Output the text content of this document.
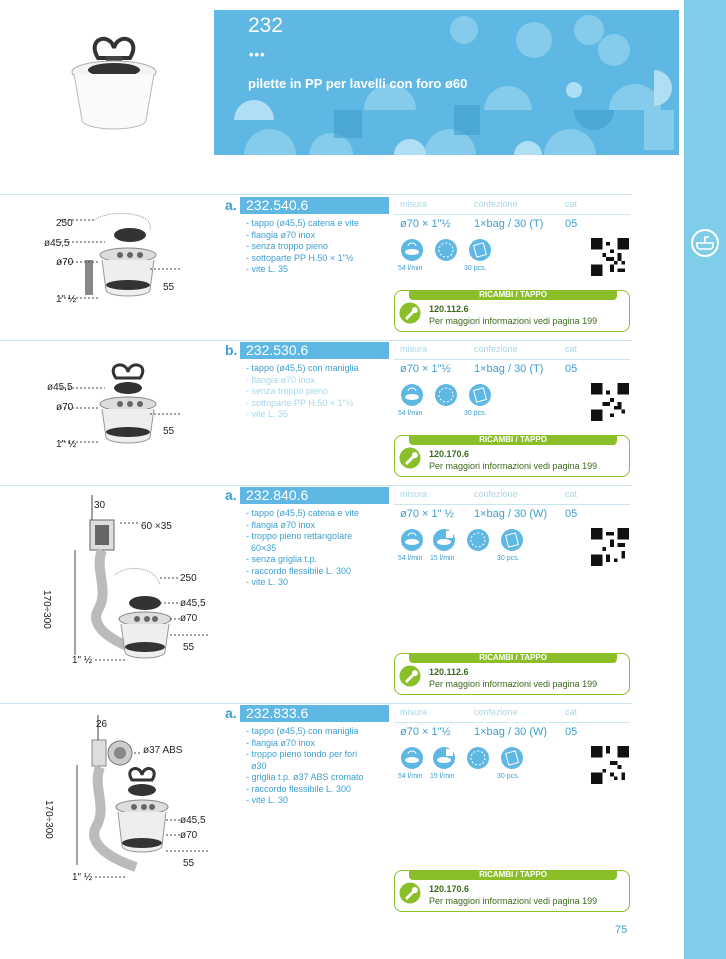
232
•••
pilette in PP per lavelli con foro ø60
a. 232.540.6	misura	confezione	cat
- tappo (ø45,5) catena e vite
- flangia ø70 inox
- senza troppo pieno
- sottoparte PP H.50 × 1"½
- vite L. 35
ø70 × 1"½ 1×bag / 30 (T) 05
54 l/min	30 pcs.
RICAMBI / TAPPO
120.112.6
Per maggiori informazioni vedi pagina 199
250
ø45,5
ø70
55
1" ½
b. 232.530.6	misura	confezione	cat
- tappo (ø45,5) con maniglia
- flangia ø70 inox
- senza troppo pieno
- sottoparte PP H.50 × 1"½
- vite L. 35
ø70 × 1"½ 1×bag / 30 (T) 05
54 l/min	30 pcs.
RICAMBI / TAPPO
120.170.6
Per maggiori informazioni vedi pagina 199
ø45,5
ø70
55
1" ½
a. 232.840.6	misura	confezione	cat
- tappo (ø45,5) catena e vite
- flangia ø70 inox
- troppo pieno rettangolare
60×35
- senza griglia t.p.
- raccordo flessibile L. 300
- vite L. 30
ø70 × 1" ½ 1×bag / 30 (W) 05
54 l/min 15 l/min	30 pcs.
RICAMBI / TAPPO
120.112.6
Per maggiori informazioni vedi pagina 199
30
60 ×35
250
ø45,5
ø70
55
1" ½
170÷300
a. 232.833.6	misura	confezione	cat
- tappo (ø45,5) con maniglia
- flangia ø70 inox
- troppo pieno tondo per fori
ø30
- griglia t.p. ø37 ABS cromato
- raccordo flessibile L. 300
- vite L. 30
ø70 × 1"½ 1×bag / 30 (W) 05
54 l/min 15 l/min	30 pcs.
RICAMBI / TAPPO
120.170.6
Per maggiori informazioni vedi pagina 199
26
ø37 ABS
ø45,5
ø70
55
1" ½
170÷300
75
